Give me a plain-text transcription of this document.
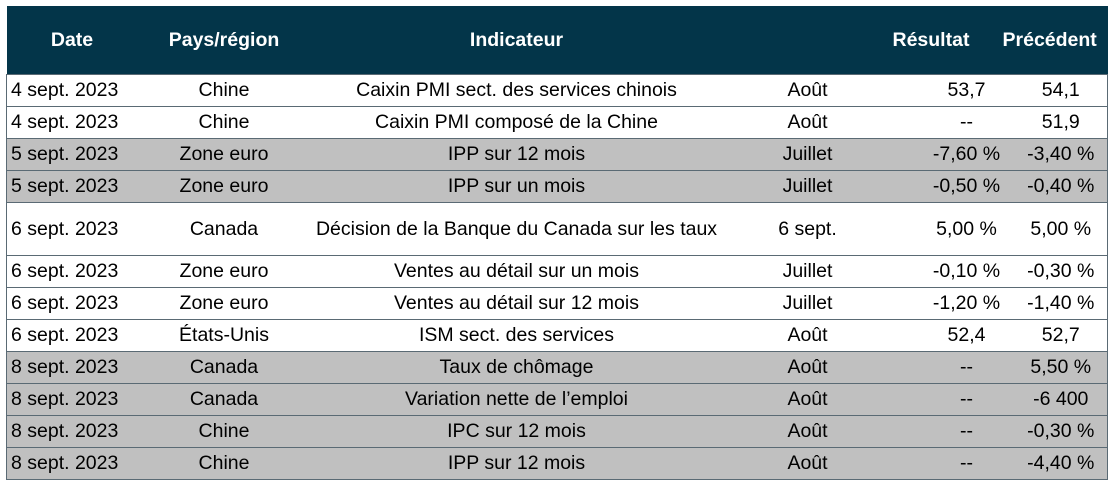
Date	Pays/région	Indicateur		Résultat	Précédent
4 sept. 2023	Chine	Caixin PMI sect. des services chinois	Août	53,7	54,1
4 sept. 2023	Chine	Caixin PMI composé de la Chine	Août	--	51,9
5 sept. 2023	Zone euro	IPP sur 12 mois	Juillet	-7,60 %	-3,40 %
5 sept. 2023	Zone euro	IPP sur un mois	Juillet	-0,50 %	-0,40 %
6 sept. 2023	Canada	Décision de la Banque du Canada sur les taux	6 sept.	5,00 %	5,00 %
6 sept. 2023	Zone euro	Ventes au détail sur un mois	Juillet	-0,10 %	-0,30 %
6 sept. 2023	Zone euro	Ventes au détail sur 12 mois	Juillet	-1,20 %	-1,40 %
6 sept. 2023	États-Unis	ISM sect. des services	Août	52,4	52,7
8 sept. 2023	Canada	Taux de chômage	Août	--	5,50 %
8 sept. 2023	Canada	Variation nette de l’emploi	Août	--	-6 400
8 sept. 2023	Chine	IPC sur 12 mois	Août	--	-0,30 %
8 sept. 2023	Chine	IPP sur 12 mois	Août	--	-4,40 %
